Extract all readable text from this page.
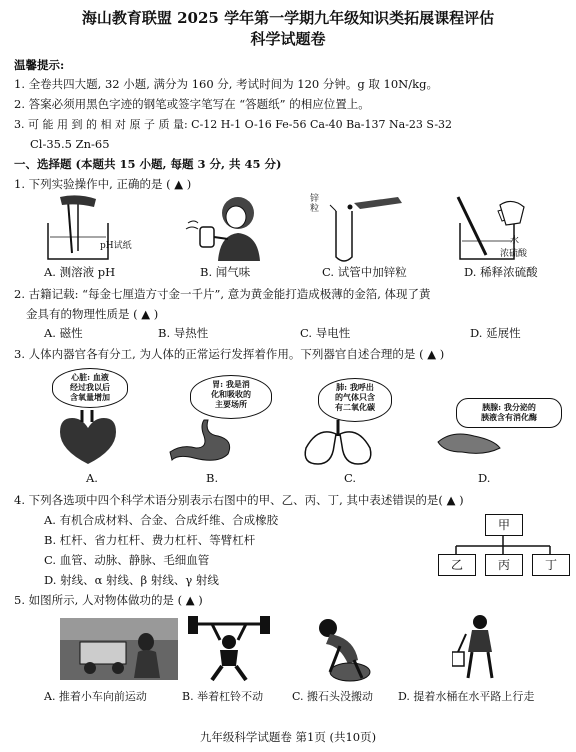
海山教育联盟 2025 学年第一学期九年级知识类拓展课程评估
科学试题卷
温馨提示:
1. 全卷共四大题, 32 小题, 满分为 160 分, 考试时间为 120 分钟。g 取 10N/kg。
2. 答案必须用黑色字迹的钢笔或签字笔写在 “答题纸” 的相应位置上。
3. 可 能 用 到 的 相 对 原 子 质 量: C-12 H-1 O-16 Fe-56 Ca-40 Ba-137 Na-23 S-32
Cl-35.5 Zn-65
一、选择题 (本题共 15 小题, 每题 3 分, 共 45 分)
1. 下列实验操作中, 正确的是 ( ▲ )
pH试纸
锌
粒
水
浓硫酸
A. 测溶液 pH	B. 闻气味	C. 试管中加锌粒	D. 稀释浓硫酸
2. 古籍记载: “每金七厘造方寸金一千片”, 意为黄金能打造成极薄的金箔, 体现了黄
金具有的物理性质是 ( ▲ )
A. 磁性	B. 导热性	C. 导电性	D. 延展性
3. 人体内器官各有分工, 为人体的正常运行发挥着作用。下列器官自述合理的是 ( ▲ )
心脏: 血液
经过我以后
含氧量增加
胃: 我是消
化和吸收的
主要场所
肺: 我呼出
的气体只含
有二氧化碳	胰腺: 我分泌的
胰液含有消化酶
A.	B.	C.	D.
4. 下列各选项中四个科学术语分别表示右图中的甲、乙、丙、丁, 其中表述错误的是( ▲ )
A. 有机合成材料、合金、合成纤维、合成橡胶
B. 杠杆、省力杠杆、费力杠杆、等臂杠杆
C. 血管、动脉、静脉、毛细血管
D. 射线、α 射线、β 射线、γ 射线
甲
乙	丙	丁
5. 如图所示, 人对物体做功的是 ( ▲ )
A. 推着小车向前运动	B. 举着杠铃不动	C. 搬石头没搬动 D. 提着水桶在水平路上行走
九年级科学试题卷 第1页 (共10页)
